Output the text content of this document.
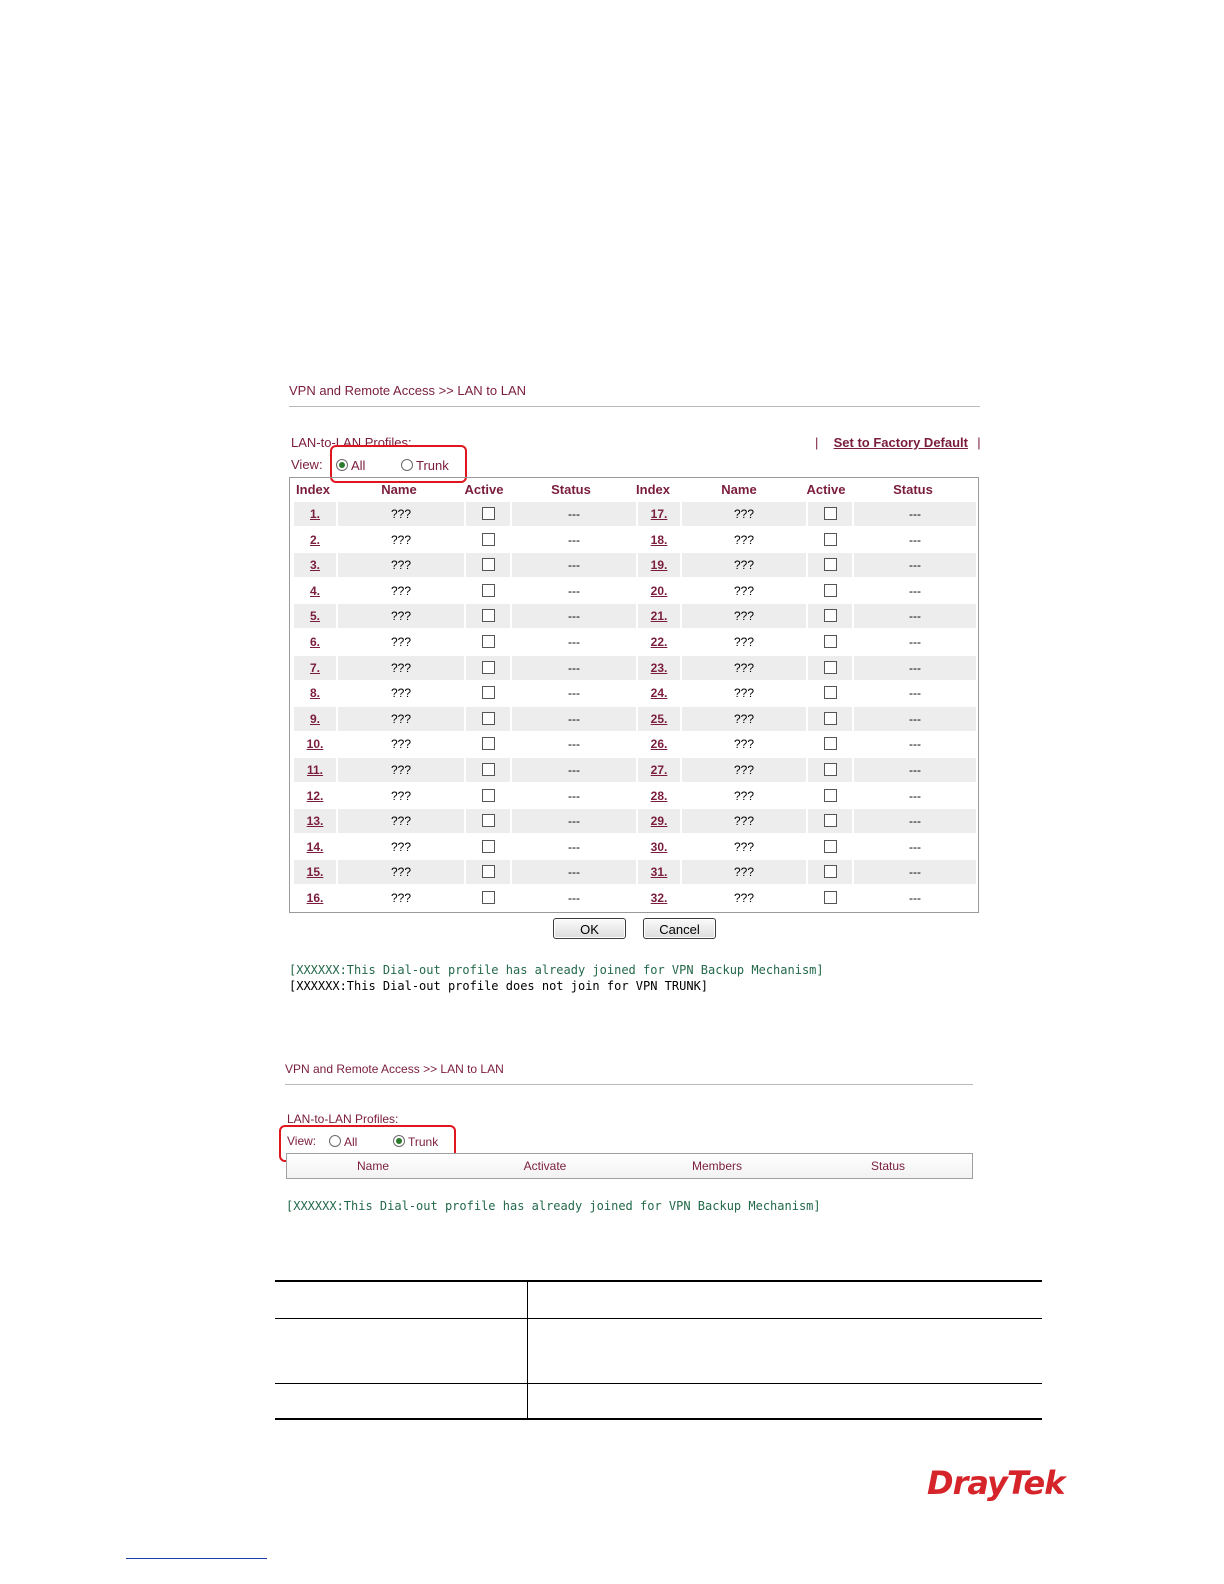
VPN and Remote Access >> LAN to LAN
LAN-to-LAN Profiles:	| Set to Factory Default |
View:	All	Trunk
Index	Name	Active	Status	Index	Name	Active	Status
1.	???	---	17.	???	---
2.	???	---	18.	???	---
3.	???	---	19.	???	---
4.	???	---	20.	???	---
5.	???	---	21.	???	---
6.	???	---	22.	???	---
7.	???	---	23.	???	---
8.	???	---	24.	???	---
9.	???	---	25.	???	---
10.	???	---	26.	???	---
11.	???	---	27.	???	---
12.	???	---	28.	???	---
13.	???	---	29.	???	---
14.	???	---	30.	???	---
15.	???	---	31.	???	---
16.	???	---	32.	???	---
OK	Cancel
[XXXXXX:This Dial-out profile has already joined for VPN Backup Mechanism]
[XXXXXX:This Dial-out profile does not join for VPN TRUNK]
VPN and Remote Access >> LAN to LAN
LAN-to-LAN Profiles:
View:	All	Trunk
Name	Activate	Members	Status
[XXXXXX:This Dial-out profile has already joined for VPN Backup Mechanism]
DrayTek
